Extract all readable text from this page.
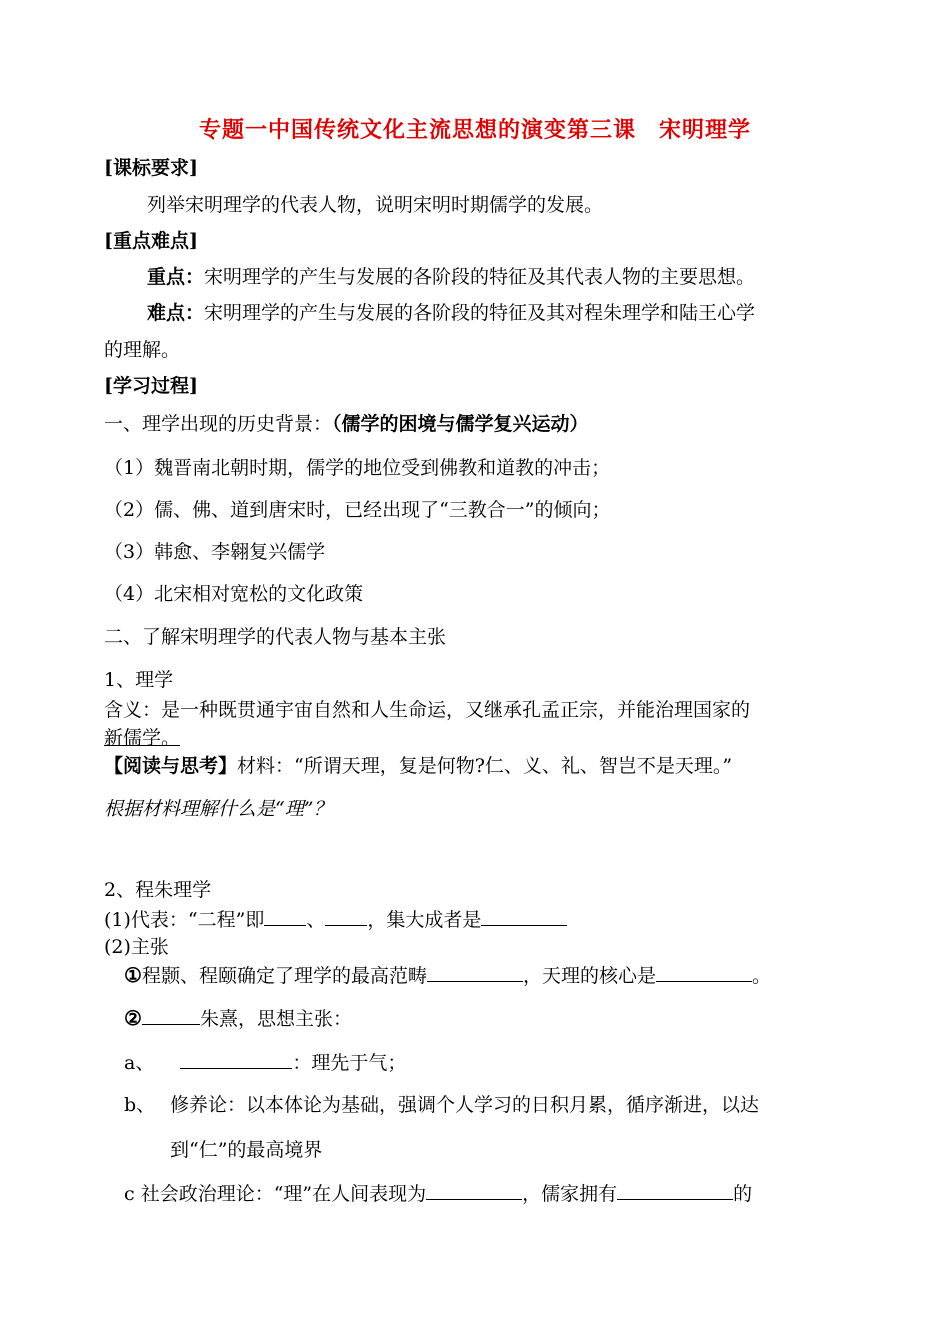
专题一中国传统文化主流思想的演变第三课　宋明理学
[课标要求]
列举宋明理学的代表人物，说明宋明时期儒学的发展。
[重点难点]
重点：宋明理学的产生与发展的各阶段的特征及其代表人物的主要思想。
难点：宋明理学的产生与发展的各阶段的特征及其对程朱理学和陆王心学
的理解。
[学习过程]
一、理学出现的历史背景：（儒学的困境与儒学复兴运动）
（1）魏晋南北朝时期，儒学的地位受到佛教和道教的冲击；
（2）儒、佛、道到唐宋时，已经出现了“三教合一”的倾向；
（3）韩愈、李翱复兴儒学
（4）北宋相对宽松的文化政策
二、了解宋明理学的代表人物与基本主张
1、理学
含义：是一种既贯通宇宙自然和人生命运，又继承孔孟正宗，并能治理国家的
新儒学。
【阅读与思考】材料：“所谓天理，复是何物?仁、义、礼、智岂不是天理。”
根据材料理解什么是“理”？
2、程朱理学
(1)代表：“二程”即 、 ，集大成者是
(2)主张
①程颢、程颐确定了理学的最高范畴	，天理的核心是	。
②	朱熹，思想主张：
a、	：理先于气；
b、 修养论：以本体论为基础，强调个人学习的日积月累，循序渐进，以达
到“仁”的最高境界
c 社会政治理论：“理”在人间表现为	，儒家拥有	的
